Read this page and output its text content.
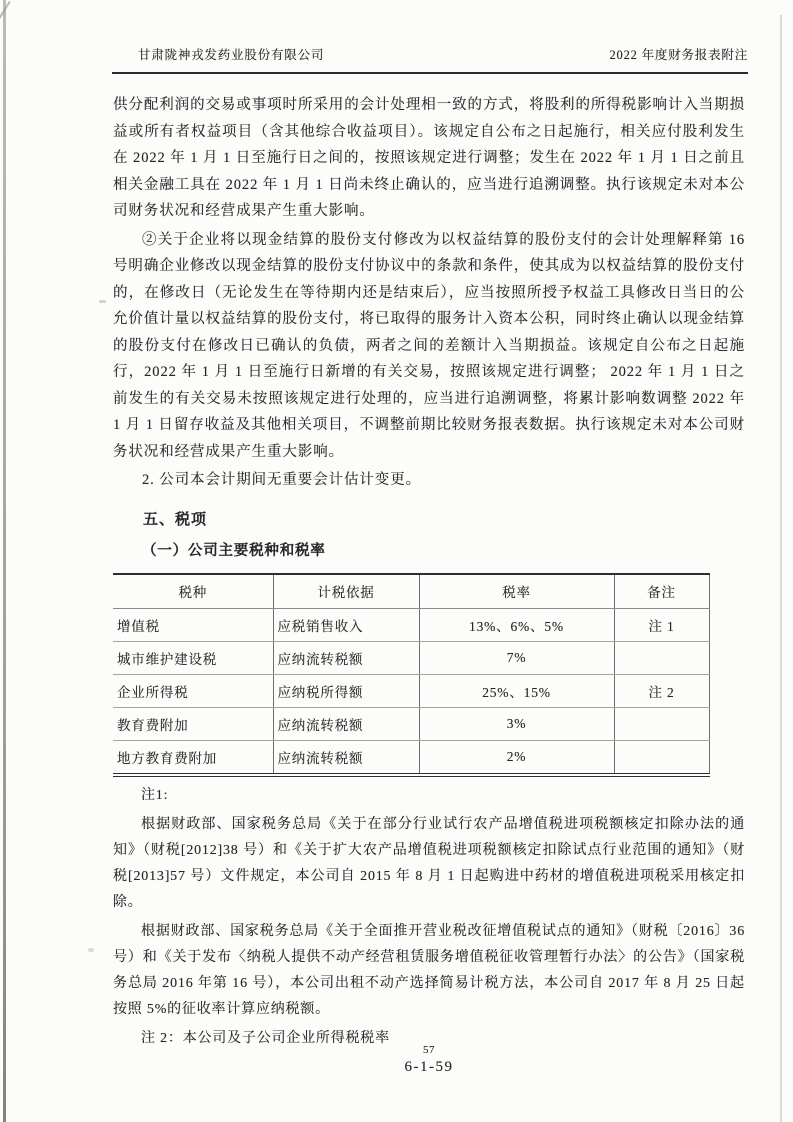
甘肃陇神戎发药业股份有限公司	2022 年度财务报表附注

供分配利润的交易或事项时所采用的会计处理相一致的方式，将股利的所得税影响计入当期损益或所有者权益项目（含其他综合收益项目）。该规定自公布之日起施行，相关应付股利发生在 2022 年 1 月 1 日至施行日之间的，按照该规定进行调整；发生在 2022 年 1 月 1 日之前且相关金融工具在 2022 年 1 月 1 日尚未终止确认的，应当进行追溯调整。执行该规定未对本公司财务状况和经营成果产生重大影响。

②关于企业将以现金结算的股份支付修改为以权益结算的股份支付的会计处理解释第 16 号明确企业修改以现金结算的股份支付协议中的条款和条件，使其成为以权益结算的股份支付的，在修改日（无论发生在等待期内还是结束后），应当按照所授予权益工具修改日当日的公允价值计量以权益结算的股份支付，将已取得的服务计入资本公积，同时终止确认以现金结算的股份支付在修改日已确认的负债，两者之间的差额计入当期损益。该规定自公布之日起施行，2022 年 1 月 1 日至施行日新增的有关交易，按照该规定进行调整； 2022 年 1 月 1 日之前发生的有关交易未按照该规定进行处理的，应当进行追溯调整，将累计影响数调整 2022 年 1 月 1 日留存收益及其他相关项目，不调整前期比较财务报表数据。执行该规定未对本公司财务状况和经营成果产生重大影响。

2. 公司本会计期间无重要会计估计变更。

五、税项
（一）公司主要税种和税率
税种	计税依据	税率	备注
增值税	应税销售收入	13%、6%、5%	注 1
城市维护建设税	应纳流转税额	7%	
企业所得税	应纳税所得额	25%、15%	注 2
教育费附加	应纳流转税额	3%	
地方教育费附加	应纳流转税额	2%	

注1:

根据财政部、国家税务总局《关于在部分行业试行农产品增值税进项税额核定扣除办法的通知》（财税[2012]38 号）和《关于扩大农产品增值税进项税额核定扣除试点行业范围的通知》（财税[2013]57 号）文件规定，本公司自 2015 年 8 月 1 日起购进中药材的增值税进项税采用核定扣除。

根据财政部、国家税务总局《关于全面推开营业税改征增值税试点的通知》（财税〔2016〕36 号）和《关于发布〈纳税人提供不动产经营租赁服务增值税征收管理暂行办法〉的公告》（国家税务总局 2016 年第 16 号），本公司出租不动产选择简易计税方法，本公司自 2017 年 8 月 25 日起按照 5%的征收率计算应纳税额。

注 2：本公司及子公司企业所得税税率

57
6-1-59
